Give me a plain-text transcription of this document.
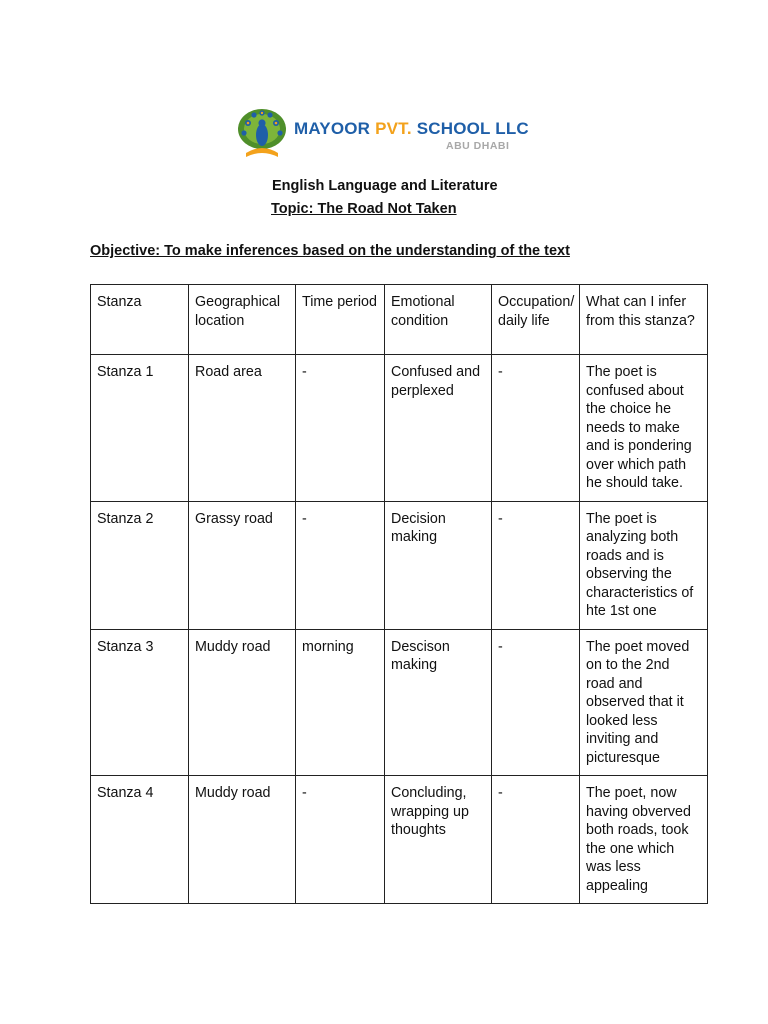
MAYOOR PVT. SCHOOL LLC
ABU DHABI
English Language and Literature
Topic: The Road Not Taken
Objective: To make inferences based on the understanding of the text
Stanza	Geographical location	Time period	Emotional condition	Occupation/ daily life	What can I infer from this stanza?
Stanza 1	Road area	-	Confused and perplexed	-	The poet is confused about the choice he needs to make and is pondering over which path he should take.
Stanza 2	Grassy road	-	Decision making	-	The poet is analyzing both roads and is observing the characteristics of hte 1st one
Stanza 3	Muddy road	morning	Descison making	-	The poet moved on to the 2nd road and observed that it looked less inviting and picturesque
Stanza 4	Muddy road	-	Concluding, wrapping up thoughts	-	The poet, now having obverved both roads, took the one which was less appealing
